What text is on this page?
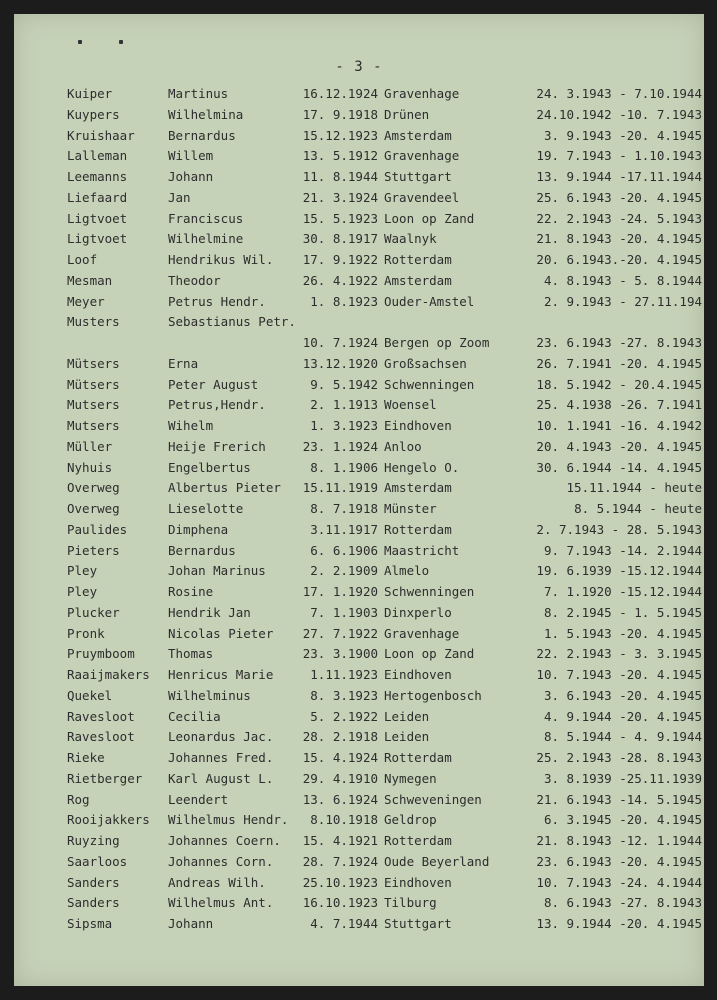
- 3 -
Kuiper	Martinus	16.12.1924 Gravenhage	24. 3.1943 - 7.10.1944
Kuypers	Wilhelmina	17. 9.1918 Drünen	24.10.1942 -10. 7.1943
Kruishaar	Bernardus	15.12.1923 Amsterdam	3. 9.1943 -20. 4.1945
Lalleman	Willem	13. 5.1912 Gravenhage	19. 7.1943 - 1.10.1943
Leemanns	Johann	11. 8.1944 Stuttgart	13. 9.1944 -17.11.1944
Liefaard	Jan	21. 3.1924 Gravendeel	25. 6.1943 -20. 4.1945
Ligtvoet	Franciscus	15. 5.1923 Loon op Zand	22. 2.1943 -24. 5.1943
Ligtvoet	Wilhelmine	30. 8.1917 Waalnyk	21. 8.1943 -20. 4.1945
Loof	Hendrikus Wil.	17. 9.1922 Rotterdam	20. 6.1943.-20. 4.1945
Mesman	Theodor	26. 4.1922 Amsterdam	4. 8.1943 - 5. 8.1944
Meyer	Petrus Hendr.	1. 8.1923 Ouder-Amstel	2. 9.1943 - 27.11.194
Musters	Sebastianus Petr.
10. 7.1924 Bergen op Zoom	23. 6.1943 -27. 8.1943
Mütsers	Erna	13.12.1920 Großsachsen	26. 7.1941 -20. 4.1945
Mütsers	Peter August	9. 5.1942 Schwenningen	18. 5.1942 - 20.4.1945
Mutsers	Petrus,Hendr.	2. 1.1913 Woensel	25. 4.1938 -26. 7.1941
Mutsers	Wihelm	1. 3.1923 Eindhoven	10. 1.1941 -16. 4.1942
Müller	Heije Frerich	23. 1.1924 Anloo	20. 4.1943 -20. 4.1945
Nyhuis	Engelbertus	8. 1.1906 Hengelo O.	30. 6.1944 -14. 4.1945
Overweg	Albertus Pieter	15.11.1919 Amsterdam	15.11.1944 - heute
Overweg	Lieselotte	8. 7.1918 Münster	8. 5.1944 - heute
Paulides	Dimphena	3.11.1917 Rotterdam	2. 7.1943 - 28. 5.1943
Pieters	Bernardus	6. 6.1906 Maastricht	9. 7.1943 -14. 2.1944
Pley	Johan Marinus	2. 2.1909 Almelo	19. 6.1939 -15.12.1944
Pley	Rosine	17. 1.1920 Schwenningen	7. 1.1920 -15.12.1944
Plucker	Hendrik Jan	7. 1.1903 Dinxperlo	8. 2.1945 - 1. 5.1945
Pronk	Nicolas Pieter	27. 7.1922 Gravenhage	1. 5.1943 -20. 4.1945
Pruymboom	Thomas	23. 3.1900 Loon op Zand	22. 2.1943 - 3. 3.1945
Raaijmakers Henricus Marie	1.11.1923 Eindhoven	10. 7.1943 -20. 4.1945
Quekel	Wilhelminus	8. 3.1923 Hertogenbosch	3. 6.1943 -20. 4.1945
Ravesloot	Cecilia	5. 2.1922 Leiden	4. 9.1944 -20. 4.1945
Ravesloot	Leonardus Jac.	28. 2.1918 Leiden	8. 5.1944 - 4. 9.1944
Rieke	Johannes Fred.	15. 4.1924 Rotterdam	25. 2.1943 -28. 8.1943
Rietberger Karl August L.	29. 4.1910 Nymegen	3. 8.1939 -25.11.1939
Rog	Leendert	13. 6.1924 Schweveningen	21. 6.1943 -14. 5.1945
Rooijakkers Wilhelmus Hendr.	8.10.1918 Geldrop	6. 3.1945 -20. 4.1945
Ruyzing	Johannes Coern.	15. 4.1921 Rotterdam	21. 8.1943 -12. 1.1944
Saarloos	Johannes Corn.	28. 7.1924 Oude Beyerland	23. 6.1943 -20. 4.1945
Sanders	Andreas Wilh.	25.10.1923 Eindhoven	10. 7.1943 -24. 4.1944
Sanders	Wilhelmus Ant.	16.10.1923 Tilburg	8. 6.1943 -27. 8.1943
Sipsma	Johann	4. 7.1944 Stuttgart	13. 9.1944 -20. 4.1945
